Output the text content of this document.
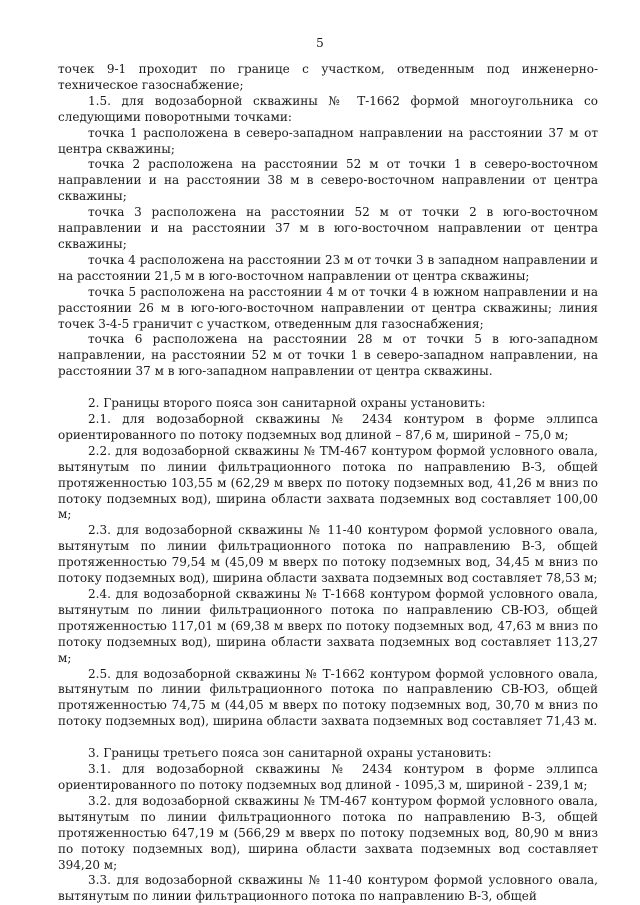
5

точек 9-1 проходит по границе с участком, отведенным под инженерно-техническое газоснабжение;

1.5. для водозаборной скважины № Т-1662 формой многоугольника со следующими поворотными точками:

точка 1 расположена в северо-западном направлении на расстоянии 37 м от центра скважины;

точка 2 расположена на расстоянии 52 м от точки 1 в северо-восточном направлении и на расстоянии 38 м в северо-восточном направлении от центра скважины;

точка 3 расположена на расстоянии 52 м от точки 2 в юго-восточном направлении и на расстоянии 37 м в юго-восточном направлении от центра скважины;

точка 4 расположена на расстоянии 23 м от точки 3 в западном направлении и на расстоянии 21,5 м в юго-восточном направлении от центра скважины;

точка 5 расположена на расстоянии 4 м от точки 4 в южном направлении и на расстоянии 26 м в юго-юго-восточном направлении от центра скважины; линия точек 3-4-5 граничит с участком, отведенным для газоснабжения;

точка 6 расположена на расстоянии 28 м от точки 5 в юго-западном направлении, на расстоянии 52 м от точки 1 в северо-западном направлении, на расстоянии 37 м в юго-западном направлении от центра скважины.

2. Границы второго пояса зон санитарной охраны установить:

2.1. для водозаборной скважины № 2434 контуром в форме эллипса ориентированного по потоку подземных вод длиной – 87,6 м, шириной – 75,0 м;

2.2. для водозаборной скважины № ТМ-467 контуром формой условного овала, вытянутым по линии фильтрационного потока по направлению В-З, общей протяженностью 103,55 м (62,29 м вверх по потоку подземных вод, 41,26 м вниз по потоку подземных вод), ширина области захвата подземных вод составляет 100,00 м;

2.3. для водозаборной скважины № 11-40 контуром формой условного овала, вытянутым по линии фильтрационного потока по направлению В-З, общей протяженностью 79,54 м (45,09 м вверх по потоку подземных вод, 34,45 м вниз по потоку подземных вод), ширина области захвата подземных вод составляет 78,53 м;

2.4. для водозаборной скважины № Т-1668 контуром формой условного овала, вытянутым по линии фильтрационного потока по направлению СВ-ЮЗ, общей протяженностью 117,01 м (69,38 м вверх по потоку подземных вод, 47,63 м вниз по потоку подземных вод), ширина области захвата подземных вод составляет 113,27 м;

2.5. для водозаборной скважины № Т-1662 контуром формой условного овала, вытянутым по линии фильтрационного потока по направлению СВ-ЮЗ, общей протяженностью 74,75 м (44,05 м вверх по потоку подземных вод, 30,70 м вниз по потоку подземных вод), ширина области захвата подземных вод составляет 71,43 м.

3. Границы третьего пояса зон санитарной охраны установить:

3.1. для водозаборной скважины № 2434 контуром в форме эллипса ориентированного по потоку подземных вод длиной - 1095,3 м, шириной - 239,1 м;

3.2. для водозаборной скважины № ТМ-467 контуром формой условного овала, вытянутым по линии фильтрационного потока по направлению В-З, общей протяженностью 647,19 м (566,29 м вверх по потоку подземных вод, 80,90 м вниз по потоку подземных вод), ширина области захвата подземных вод составляет 394,20 м;

3.3. для водозаборной скважины № 11-40 контуром формой условного овала, вытянутым по линии фильтрационного потока по направлению В-З, общей
